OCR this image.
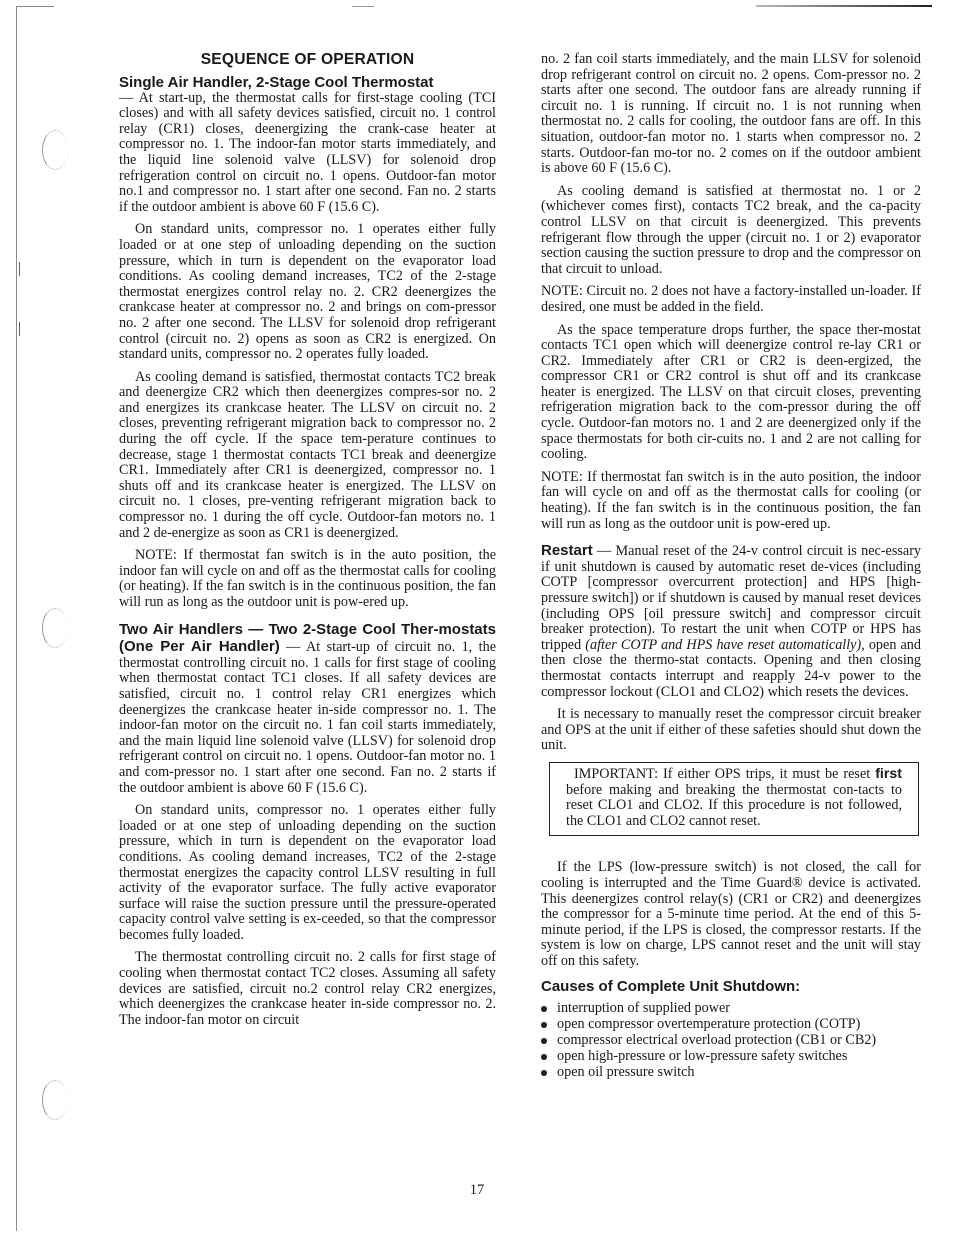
SEQUENCE OF OPERATION
Single Air Handler, 2-Stage Cool Thermostat

— At start-up, the thermostat calls for first-stage cooling (TCI closes) and with all safety devices satisfied, circuit no. 1 control relay (CR1) closes, deenergizing the crank-case heater at compressor no. 1. The indoor-fan motor starts immediately, and the liquid line solenoid valve (LLSV) for solenoid drop refrigeration control on circuit no. 1 opens. Outdoor-fan motor no.1 and compressor no. 1 start after one second. Fan no. 2 starts if the outdoor ambient is above 60 F (15.6 C).

On standard units, compressor no. 1 operates either fully loaded or at one step of unloading depending on the suction pressure, which in turn is dependent on the evaporator load conditions. As cooling demand increases, TC2 of the 2-stage thermostat energizes control relay no. 2. CR2 deenergizes the crankcase heater at compressor no. 2 and brings on com-pressor no. 2 after one second. The LLSV for solenoid drop refrigerant control (circuit no. 2) opens as soon as CR2 is energized. On standard units, compressor no. 2 operates fully loaded.

As cooling demand is satisfied, thermostat contacts TC2 break and deenergize CR2 which then deenergizes compres-sor no. 2 and energizes its crankcase heater. The LLSV on circuit no. 2 closes, preventing refrigerant migration back to compressor no. 2 during the off cycle. If the space tem-perature continues to decrease, stage 1 thermostat contacts TC1 break and deenergize CR1. Immediately after CR1 is deenergized, compressor no. 1 shuts off and its crankcase heater is energized. The LLSV on circuit no. 1 closes, pre-venting refrigerant migration back to compressor no. 1 during the off cycle. Outdoor-fan motors no. 1 and 2 de-energize as soon as CR1 is deenergized.

NOTE: If thermostat fan switch is in the auto position, the indoor fan will cycle on and off as the thermostat calls for cooling (or heating). If the fan switch is in the continuous position, the fan will run as long as the outdoor unit is pow-ered up.

Two Air Handlers — Two 2-Stage Cool Ther-mostats (One Per Air Handler) — At start-up of circuit no. 1, the thermostat controlling circuit no. 1 calls for first stage of cooling when thermostat contact TC1 closes. If all safety devices are satisfied, circuit no. 1 control relay CR1 energizes which deenergizes the crankcase heater in-side compressor no. 1. The indoor-fan motor on the circuit no. 1 fan coil starts immediately, and the main liquid line solenoid valve (LLSV) for solenoid drop refrigerant control on circuit no. 1 opens. Outdoor-fan motor no. 1 and com-pressor no. 1 start after one second. Fan no. 2 starts if the outdoor ambient is above 60 F (15.6 C).

On standard units, compressor no. 1 operates either fully loaded or at one step of unloading depending on the suction pressure, which in turn is dependent on the evaporator load conditions. As cooling demand increases, TC2 of the 2-stage thermostat energizes the capacity control LLSV resulting in full activity of the evaporator surface. The fully active evaporator surface will raise the suction pressure until the pressure-operated capacity control valve setting is ex-ceeded, so that the compressor becomes fully loaded.

The thermostat controlling circuit no. 2 calls for first stage of cooling when thermostat contact TC2 closes. Assuming all safety devices are satisfied, circuit no.2 control relay CR2 energizes, which deenergizes the crankcase heater in-side compressor no. 2. The indoor-fan motor on circuit

no. 2 fan coil starts immediately, and the main LLSV for solenoid drop refrigerant control on circuit no. 2 opens. Com-pressor no. 2 starts after one second. The outdoor fans are already running if circuit no. 1 is running. If circuit no. 1 is not running when thermostat no. 2 calls for cooling, the outdoor fans are off. In this situation, outdoor-fan motor no. 1 starts when compressor no. 2 starts. Outdoor-fan mo-tor no. 2 comes on if the outdoor ambient is above 60 F (15.6 C).

As cooling demand is satisfied at thermostat no. 1 or 2 (whichever comes first), contacts TC2 break, and the ca-pacity control LLSV on that circuit is deenergized. This prevents refrigerant flow through the upper (circuit no. 1 or 2) evaporator section causing the suction pressure to drop and the compressor on that circuit to unload.

NOTE: Circuit no. 2 does not have a factory-installed un-loader. If desired, one must be added in the field.

As the space temperature drops further, the space ther-mostat contacts TC1 open which will deenergize control re-lay CR1 or CR2. Immediately after CR1 or CR2 is deen-ergized, the compressor CR1 or CR2 control is shut off and its crankcase heater is energized. The LLSV on that circuit closes, preventing refrigeration migration back to the com-pressor during the off cycle. Outdoor-fan motors no. 1 and 2 are deenergized only if the space thermostats for both cir-cuits no. 1 and 2 are not calling for cooling.

NOTE: If thermostat fan switch is in the auto position, the indoor fan will cycle on and off as the thermostat calls for cooling (or heating). If the fan switch is in the continuous position, the fan will run as long as the outdoor unit is pow-ered up.

Restart — Manual reset of the 24-v control circuit is nec-essary if unit shutdown is caused by automatic reset de-vices (including COTP [compressor overcurrent protection] and HPS [high-pressure switch]) or if shutdown is caused by manual reset devices (including OPS [oil pressure switch] and compressor circuit breaker protection). To restart the unit when COTP or HPS has tripped (after COTP and HPS have reset automatically), open and then close the thermo-stat contacts. Opening and then closing thermostat contacts interrupt and reapply 24-v power to the compressor lockout (CLO1 and CLO2) which resets the devices.

It is necessary to manually reset the compressor circuit breaker and OPS at the unit if either of these safeties should shut down the unit.

IMPORTANT: If either OPS trips, it must be reset first before making and breaking the thermostat con-tacts to reset CLO1 and CLO2. If this procedure is not followed, the CLO1 and CLO2 cannot reset.

If the LPS (low-pressure switch) is not closed, the call for cooling is interrupted and the Time Guard® device is activated. This deenergizes control relay(s) (CR1 or CR2) and deenergizes the compressor for a 5-minute time period. At the end of this 5-minute period, if the LPS is closed, the compressor restarts. If the system is low on charge, LPS cannot reset and the unit will stay off on this safety.

Causes of Complete Unit Shutdown:
interruption of supplied power
open compressor overtemperature protection (COTP)
compressor electrical overload protection (CB1 or CB2)
open high-pressure or low-pressure safety switches
open oil pressure switch
17
